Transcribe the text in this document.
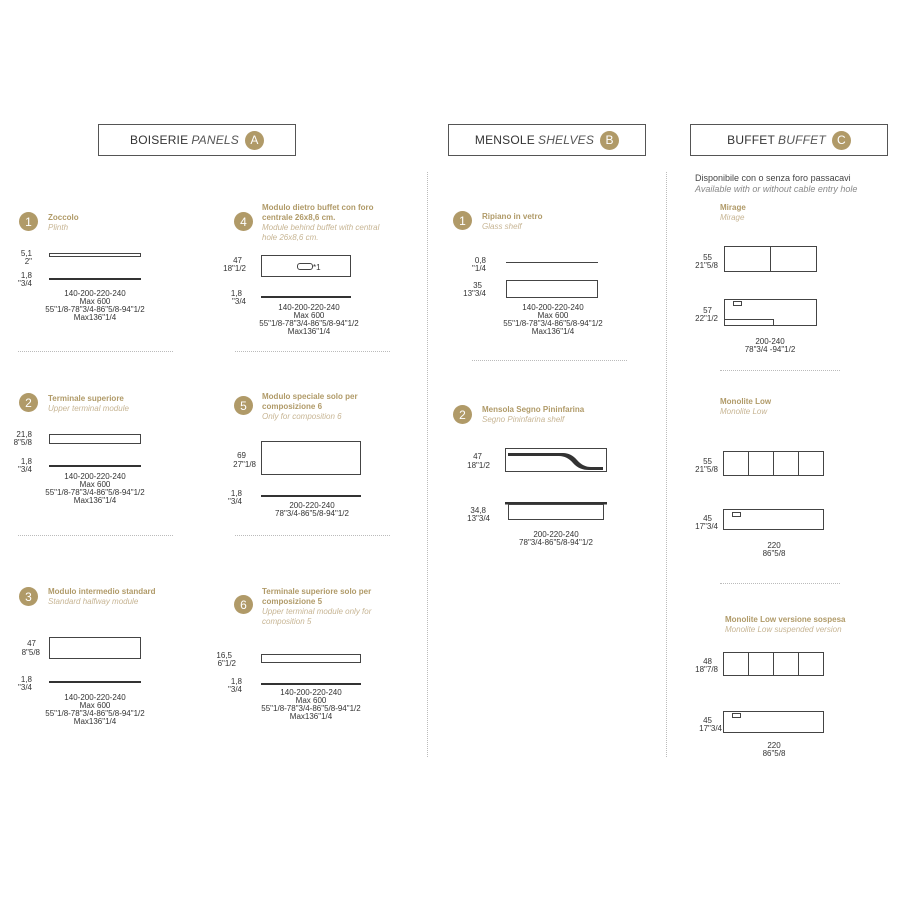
BOISERIE PANELS A	MENSOLE SHELVES B	BUFFET BUFFET C
1	Zoccolo
Plinth
5,1
2"
1,8
"3/4
140-200-220-240
Max 600
55"1/8-78"3/4-86"5/8-94"1/2
Max136"1/4
2	Terminale superiore
Upper terminal module
21,8
8"5/8
1,8
"3/4
140-200-220-240
Max 600
55"1/8-78"3/4-86"5/8-94"1/2
Max136"1/4
3	Modulo intermedio standard
Standard halfway module
47
8"5/8
1,8
"3/4
140-200-220-240
Max 600
55"1/8-78"3/4-86"5/8-94"1/2
Max136"1/4
4
Modulo dietro buffet con foro
centrale 26x8,6 cm.
Module behind buffet with central
hole 26x8,6 cm.
47
18"1/2	*1
1,8
"3/4
140-200-220-240
Max 600
55"1/8-78"3/4-86"5/8-94"1/2
Max136"1/4
5
Modulo speciale solo per
composizione 6
Only for composition 6
69
27"1/8
1,8
"3/4	200-220-240
78"3/4-86"5/8-94"1/2
6
Terminale superiore solo per
composizione 5
Upper terminal module only for
composition 5
16,5
6"1/2
1,8
"3/4	140-200-220-240
Max 600
55"1/8-78"3/4-86"5/8-94"1/2
Max136"1/4
1	Ripiano in vetro
Glass shelf
0,8
"1/4
35
13"3/4
140-200-220-240
Max 600
55"1/8-78"3/4-86"5/8-94"1/2
Max136"1/4
2	Mensola Segno Pininfarina
Segno Pininfarina shelf
47
18"1/2
34,8
13"3/4
200-220-240
78"3/4-86"5/8-94"1/2
Disponibile con o senza foro passacavi
Available with or without cable entry hole
Mirage
Mirage
55
21"5/8
57
22"1/2
200-240
78"3/4 -94"1/2
Monolite Low
Monolite Low
55
21"5/8
45
17"3/4
220
86"5/8
Monolite Low versione sospesa
Monolite Low suspended version
48
18"7/8
45
17"3/4
220
86"5/8
